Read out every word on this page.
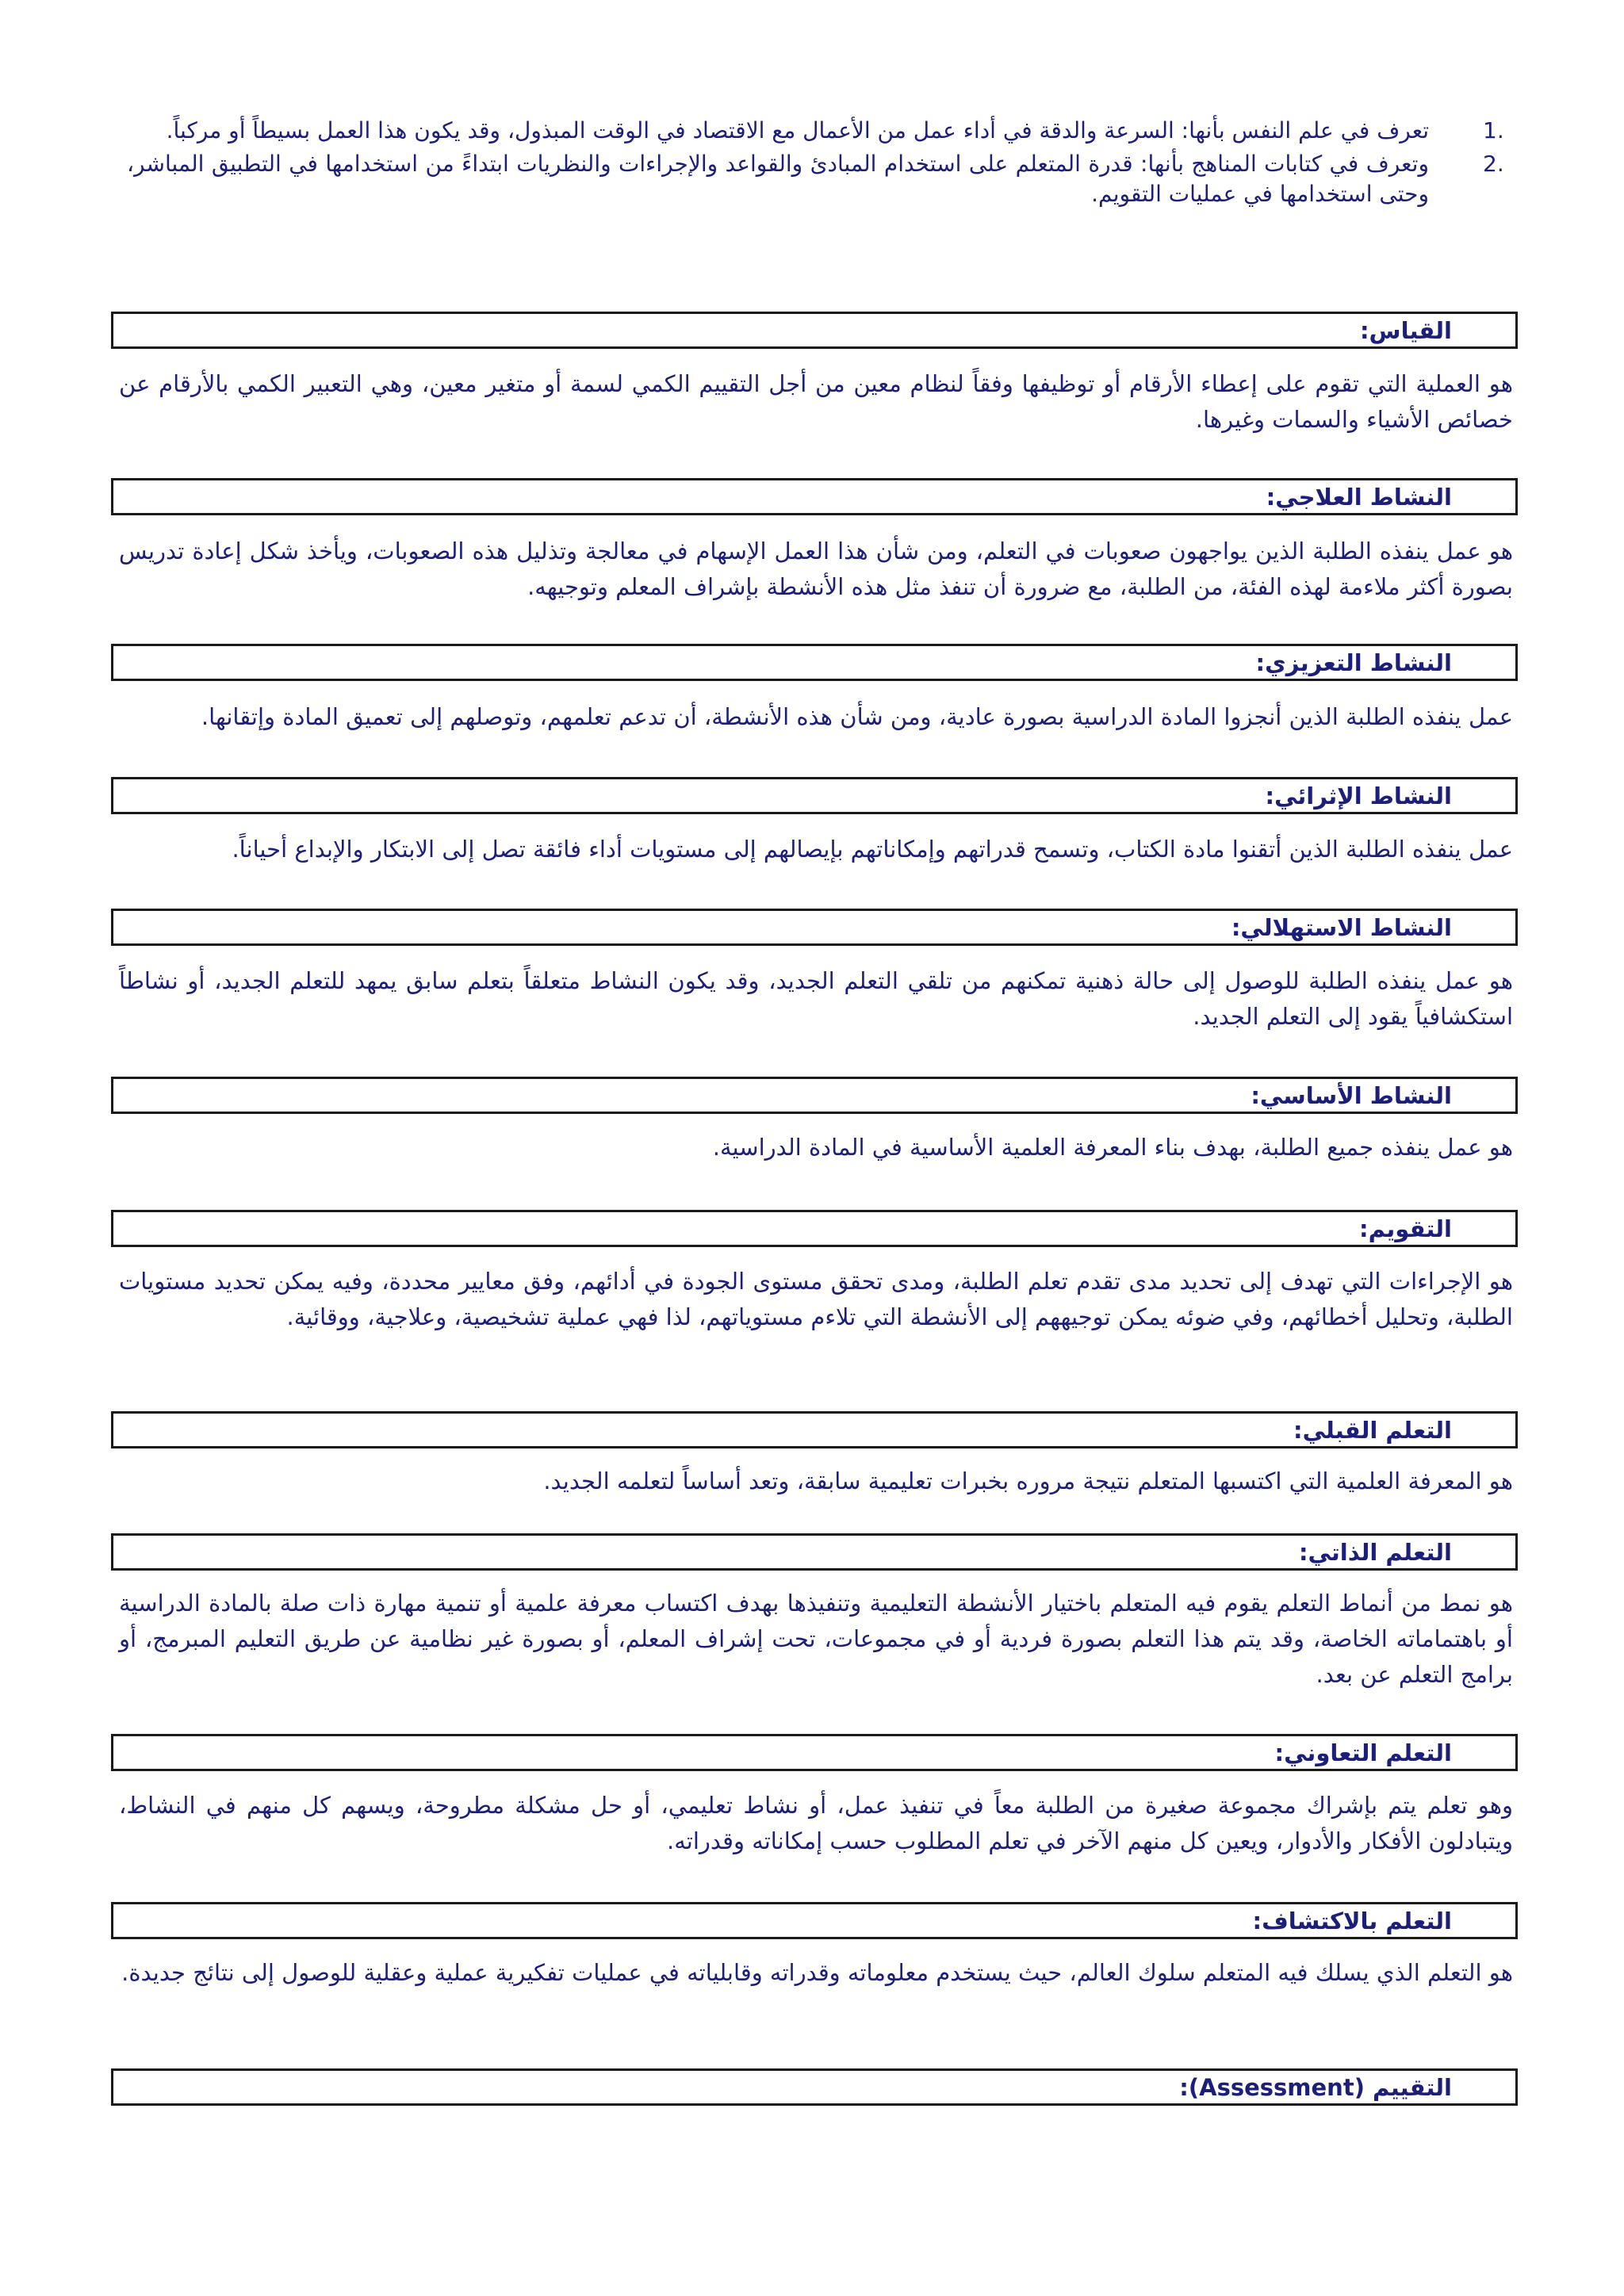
1.
تعرف في علم النفس بأنها: السرعة والدقة في أداء عمل من الأعمال مع الاقتصاد في الوقت المبذول، وقد يكون هذا العمل بسيطاً أو مركباً.
2.
وتعرف في كتابات المناهج بأنها: قدرة المتعلم على استخدام المبادئ والقواعد والإجراءات والنظريات ابتداءً من استخدامها في التطبيق المباشر، وحتى استخدامها في عمليات التقويم.
القياس:

هو العملية التي تقوم على إعطاء الأرقام أو توظيفها وفقاً لنظام معين من أجل التقييم الكمي لسمة أو متغير معين، وهي التعبير الكمي بالأرقام عن خصائص الأشياء والسمات وغيرها.

النشاط العلاجي:

هو عمل ينفذه الطلبة الذين يواجهون صعوبات في التعلم، ومن شأن هذا العمل الإسهام في معالجة وتذليل هذه الصعوبات، ويأخذ شكل إعادة تدريس بصورة أكثر ملاءمة لهذه الفئة، من الطلبة، مع ضرورة أن تنفذ مثل هذه الأنشطة بإشراف المعلم وتوجيهه.

النشاط التعزيزي:

عمل ينفذه الطلبة الذين أنجزوا المادة الدراسية بصورة عادية، ومن شأن هذه الأنشطة، أن تدعم تعلمهم، وتوصلهم إلى تعميق المادة وإتقانها.

النشاط الإثرائي:

عمل ينفذه الطلبة الذين أتقنوا مادة الكتاب، وتسمح قدراتهم وإمكاناتهم بإيصالهم إلى مستويات أداء فائقة تصل إلى الابتكار والإبداع أحياناً.

النشاط الاستهلالي:

هو عمل ينفذه الطلبة للوصول إلى حالة ذهنية تمكنهم من تلقي التعلم الجديد، وقد يكون النشاط متعلقاً بتعلم سابق يمهد للتعلم الجديد، أو نشاطاً استكشافياً يقود إلى التعلم الجديد.

النشاط الأساسي:

هو عمل ينفذه جميع الطلبة، بهدف بناء المعرفة العلمية الأساسية في المادة الدراسية.

التقويم:

هو الإجراءات التي تهدف إلى تحديد مدى تقدم تعلم الطلبة، ومدى تحقق مستوى الجودة في أدائهم، وفق معايير محددة، وفيه يمكن تحديد مستويات الطلبة، وتحليل أخطائهم، وفي ضوئه يمكن توجيههم إلى الأنشطة التي تلاءم مستوياتهم، لذا فهي عملية تشخيصية، وعلاجية، ووقائية.

التعلم القبلي:

هو المعرفة العلمية التي اكتسبها المتعلم نتيجة مروره بخبرات تعليمية سابقة، وتعد أساساً لتعلمه الجديد.

التعلم الذاتي:

هو نمط من أنماط التعلم يقوم فيه المتعلم باختيار الأنشطة التعليمية وتنفيذها بهدف اكتساب معرفة علمية أو تنمية مهارة ذات صلة بالمادة الدراسية أو باهتماماته الخاصة، وقد يتم هذا التعلم بصورة فردية أو في مجموعات، تحت إشراف المعلم، أو بصورة غير نظامية عن طريق التعليم المبرمج، أو برامج التعلم عن بعد.

التعلم التعاوني:

وهو تعلم يتم بإشراك مجموعة صغيرة من الطلبة معاً في تنفيذ عمل، أو نشاط تعليمي، أو حل مشكلة مطروحة، ويسهم كل منهم في النشاط، ويتبادلون الأفكار والأدوار، ويعين كل منهم الآخر في تعلم المطلوب حسب إمكاناته وقدراته.

التعلم بالاكتشاف:

هو التعلم الذي يسلك فيه المتعلم سلوك العالم، حيث يستخدم معلوماته وقدراته وقابلياته في عمليات تفكيرية عملية وعقلية للوصول إلى نتائج جديدة.

التقييم (Assessment):
